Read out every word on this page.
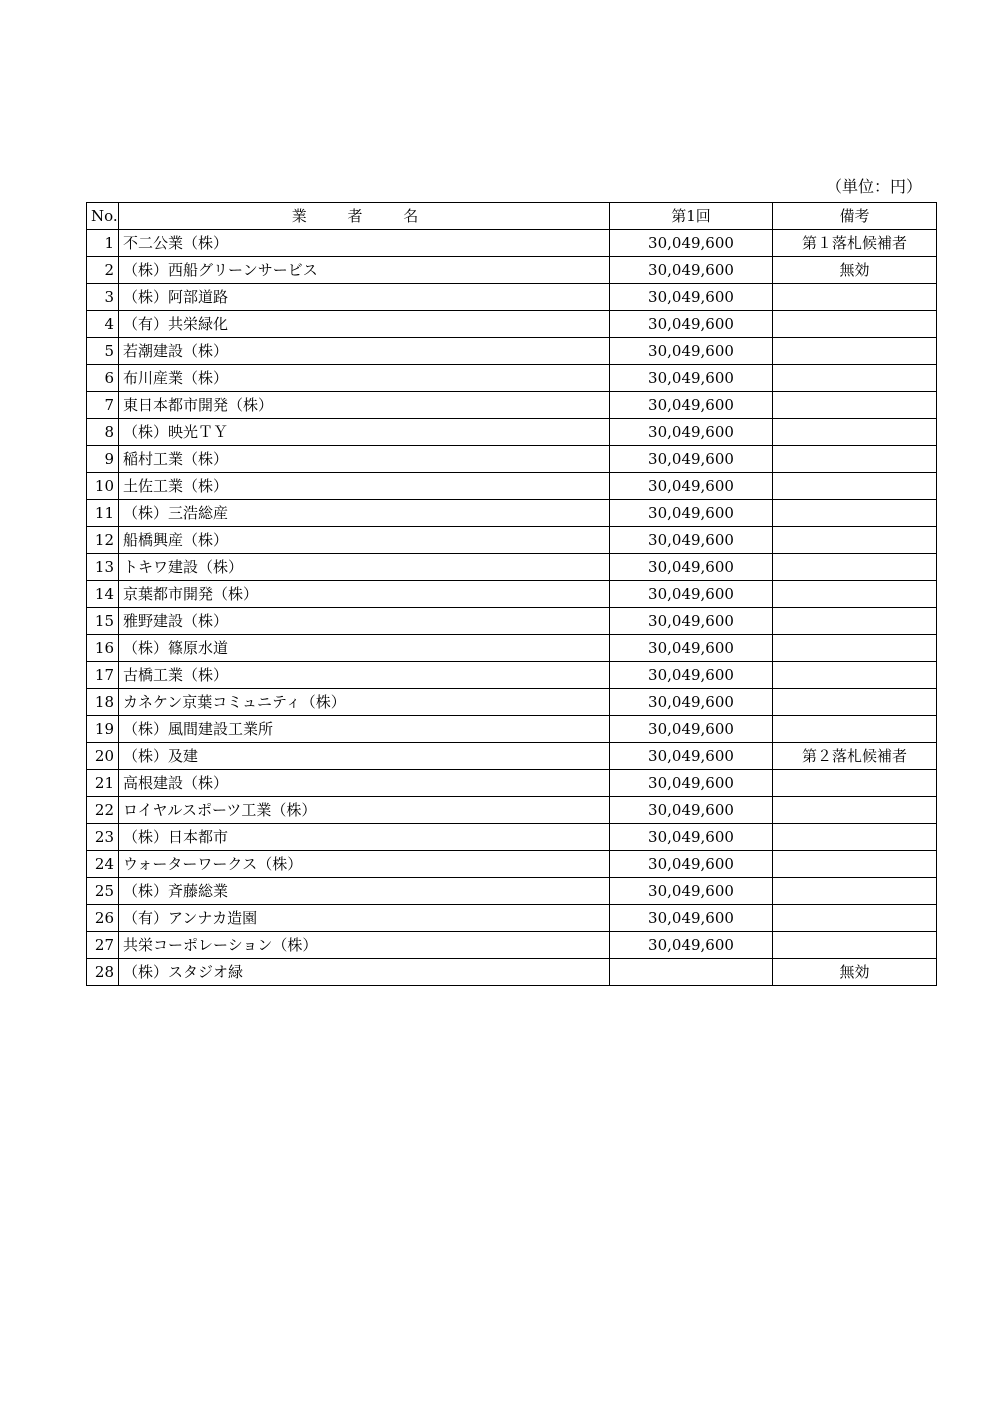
（単位：円）
No.	業 者 名	第1回	備考
1	不二公業（株）	30,049,600	第１落札候補者
2	（株）西船グリーンサービス	30,049,600	無効
3	（株）阿部道路	30,049,600	
4	（有）共栄緑化	30,049,600	
5	若潮建設（株）	30,049,600	
6	布川産業（株）	30,049,600	
7	東日本都市開発（株）	30,049,600	
8	（株）映光ＴＹ	30,049,600	
9	稲村工業（株）	30,049,600	
10	土佐工業（株）	30,049,600	
11	（株）三浩総産	30,049,600	
12	船橋興産（株）	30,049,600	
13	トキワ建設（株）	30,049,600	
14	京葉都市開発（株）	30,049,600	
15	雅野建設（株）	30,049,600	
16	（株）篠原水道	30,049,600	
17	古橋工業（株）	30,049,600	
18	カネケン京葉コミュニティ（株）	30,049,600	
19	（株）風間建設工業所	30,049,600	
20	（株）及建	30,049,600	第２落札候補者
21	高根建設（株）	30,049,600	
22	ロイヤルスポーツ工業（株）	30,049,600	
23	（株）日本都市	30,049,600	
24	ウォーターワークス（株）	30,049,600	
25	（株）斉藤総業	30,049,600	
26	（有）アンナカ造園	30,049,600	
27	共栄コーポレーション（株）	30,049,600	
28	（株）スタジオ緑		無効
